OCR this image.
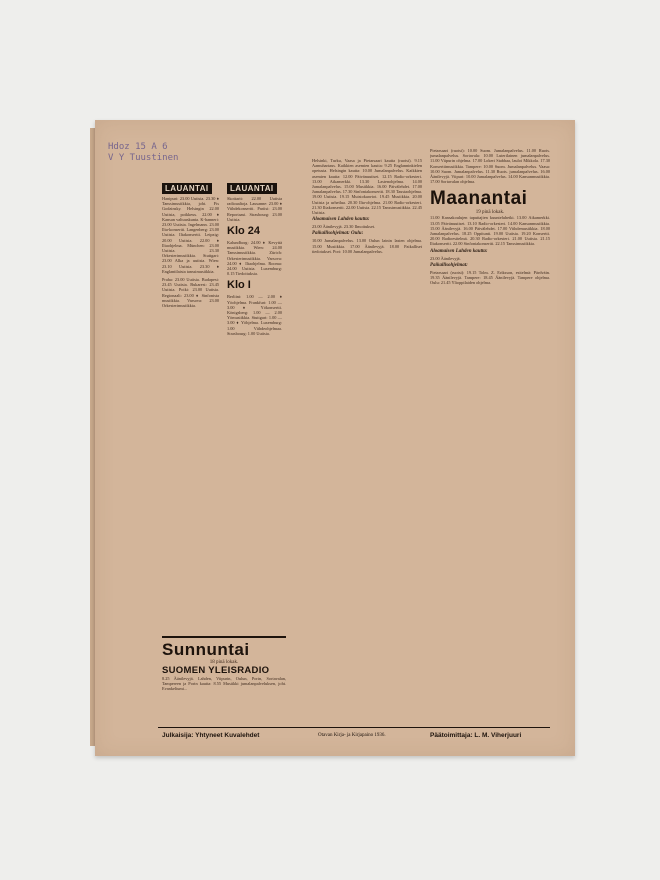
Hdoz 15 A 6
V Y Tuustinen
LAUANTAI
Hanipuri: 23.00 Uutisia. 23.30 ♦ Tanssimusiikkia, joht. Fis Godzinsky. Helsingin 22.00 Uutisia, poikkeus. 22.00 ♦ Kansan valtuuskunta. K-hanneri: 23.00 Uutisia. Ingelmann. 23.00 Ilta-konsertti. Langenberg: 23.00 Uutisia. Iltakonsertti. Leipzig: 20.00 Uutisia. 22.00 ♦ Iltaohjelma. München: 23.00 Uutisia. 23.30 Orkesterimusiikkia. Stuttgart: 23.00 Alka ja uutisia. Wien: 23.10 Uutisia. 23.30 ♦ Englantilaista tanssimusiikkia.
Praha: 23.00 Uutisia. Budapest: 23.45 Uutisia. Bukarest: 23.45 Uutisia. Poiki: 23.00 Uutisia. Regionaali: 23.00 ♦ Sinfonista musiikkia. Varsova: 23.00 Orkesterimusiikkia.
LAUANTAI
Skottarit: 22.00 Uutisia radioaaltoja. Lausanne: 23.00 ♦ Viihdekonsertti. Pariisi: 23.00 Reportaasi. Strasbourg: 23.00 Uutisia.
Klo 24
Kalundborg: 24.00 ♦ Kevyttä musiikkia. Wien: 24.00 Tanssimusiikkia. Zürich: Orkesterimusiikkia. Varsova: 24.00 ♦ Iltaohjelma. Rooma: 24.00 Uutisia. Luxemburg: 0.15 Tiedoituksia.
Klo I
Berliini: 1.00 — 2.00 ♦ Yöohjelma. Frankfurt: 1.00 — 3.00 ♦ Yökonsertti. Königsberg: 1.00 — 2.00 Yömusiikkia. Stuttgart: 1.00 — 3.00 ♦ Yöhjelma. Luxemburg: 1.00 Viihdeohjelmaa. Strasbourg: 1.00 Uutisia.
Sunnuntai
18 pinä lokak.
SUOMEN YLEISRADIO
8.25 Äänilevyjä. Lahden, Viipurin, Oulun, Porin, Sortavalan, Tampereen ja Porin kautta: 8.55 Musiikki jumalanpalveluksen, joht. Evankeliumi...
Helsinki, Turku, Vaasa ja Pietarsaari kautta (ruotsi). 9.15 Aamuhartaus. Kaikkien asemien kautta: 9.25 Englanninkielen opetusta. Helsingin kautta: 10.00 Jumalanpalvelus. Kaikkien asemien kautta: 12.00 Päivänuutiset. 12.15 Radio-orkesteri. 13.00 Aikamerkki. 13.30 Lastenohjelma. 14.00 Jumalanpalvelus. 15.00 Musiikkia. 16.00 Päivälehdet. 17.00 Jumalanpalvelus. 17.30 Sinfoniakonsertti. 18.30 Taustaohjelma. 19.00 Uutisia. 19.15 Muistokaaviot. 19.45 Musiikkia. 20.00 Uutisia ja urheilua. 20.30 Ilta-ohjelma. 21.00 Radio-orkesteri. 21.30 Iltakonsertti. 22.00 Uutisia. 22.15 Tanssimusiikkia. 22.45 Uutisia.
Aloamaisen Lahden kautta:
23.00 Äänilevyjä. 23.30 Ilmoitukset.
Paikallisohjelmat: Oulu:
10.00 Jumalanpalvelus. 13.00 Oulun lainin lasten ohjelma. 15.00 Musiikkia. 17.00 Äänilevyjä. 18.00 Paikalliset tiedotukset. Pori: 10.00 Jumalanpalvelus.
Pietarsaari (ruotsi): 10.00 Suom. Jumalanpalvelus. 11.00 Ruots. jumalanpalvelus. Sortavala: 10.00 Luterilainen jumalanpalvelus. 11.00 Viipurin ohjelma. 17.00 Lokeri Stabbaa, lauloi Mikkola. 17.30 Konserttimusiikkia. Tampere: 10.00 Suom. Jumalanpalvelus. Vaasa: 10.00 Suom. Jumalanpalvelus. 11.30 Ruots. jumalanpalvelus. 16.00 Äänilevyjä. Viipuri: 10.00 Jumalanpalvelus. 14.00 Kansanmusiikkia. 17.00 Sortavalan ohjelma.
Maanantai
19 pinä lokak.
11.00 Kansakoulujen taputtajien kuunteluhetki. 13.00 Aikamerkki. 13.05 Päivänuutiset. 13.10 Radio-orkesteri. 14.00 Kansanmusiikkia. 15.00 Äänilevyjä. 16.00 Päivälehdet. 17.00 Viihdemusiikkia. 18.00 Jumalanpalvelus. 18.25 Oppitunti. 19.00 Uutisia. 19.20 Konsertti. 20.00 Radioesitelmä. 20.30 Radio-orkesteri. 21.00 Uutisia. 21.15 Iltakonsertti. 22.00 Sinfoniakonsertti. 22.15 Tanssimusiikkia.
Aloamaisen Lahden kautta:
23.00 Äänilevyjä.
Paikallisohjelmat:
Pietarsaari (ruotsi): 19.15 Tolm. Z. Eriksson, esitelmä: Pärdväin. 19.35 Äänilevyjä. Tampere: 18.45 Äänilevyjä. Tampere ohjelma. Oulu: 21.45 Ylioppilaiden ohjelma.
Julkaisija: Yhtyneet Kuvalehdet	Otavan Kirja- ja Kirjapaino 1936.	Päätoimittaja: L. M. Viherjuuri
